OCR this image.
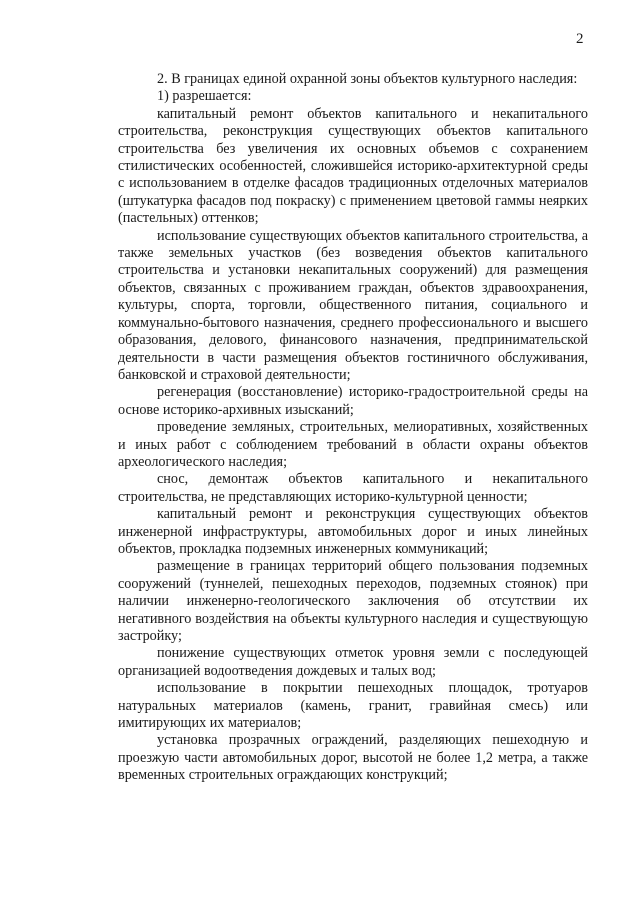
2

2. В границах единой охранной зоны объектов культурного наследия:

1) разрешается:

капитальный ремонт объектов капитального и некапитального строительства, реконструкция существующих объектов капитального строительства без увеличения их основных объемов с сохранением стилистических особенностей, сложившейся историко-архитектурной среды с использованием в отделке фасадов традиционных отделочных материалов (штукатурка фасадов под покраску) с применением цветовой гаммы неярких (пастельных) оттенков;

использование существующих объектов капитального строительства, а также земельных участков (без возведения объектов капитального строительства и установки некапитальных сооружений) для размещения объектов, связанных с проживанием граждан, объектов здравоохранения, культуры, спорта, торговли, общественного питания, социального и коммунально-бытового назначения, среднего профессионального и высшего образования, делового, финансового назначения, предпринимательской деятельности в части размещения объектов гостиничного обслуживания, банковской и страховой деятельности;

регенерация (восстановление) историко-градостроительной среды на основе историко-архивных изысканий;

проведение земляных, строительных, мелиоративных, хозяйственных и иных работ с соблюдением требований в области охраны объектов археологического наследия;

снос, демонтаж объектов капитального и некапитального строительства, не представляющих историко-культурной ценности;

капитальный ремонт и реконструкция существующих объектов инженерной инфраструктуры, автомобильных дорог и иных линейных объектов, прокладка подземных инженерных коммуникаций;

размещение в границах территорий общего пользования подземных сооружений (туннелей, пешеходных переходов, подземных стоянок) при наличии инженерно-геологического заключения об отсутствии их негативного воздействия на объекты культурного наследия и существующую застройку;

понижение существующих отметок уровня земли с последующей организацией водоотведения дождевых и талых вод;

использование в покрытии пешеходных площадок, тротуаров натуральных материалов (камень, гранит, гравийная смесь) или имитирующих их материалов;

установка прозрачных ограждений, разделяющих пешеходную и проезжую части автомобильных дорог, высотой не более 1,2 метра, а также временных строительных ограждающих конструкций;
